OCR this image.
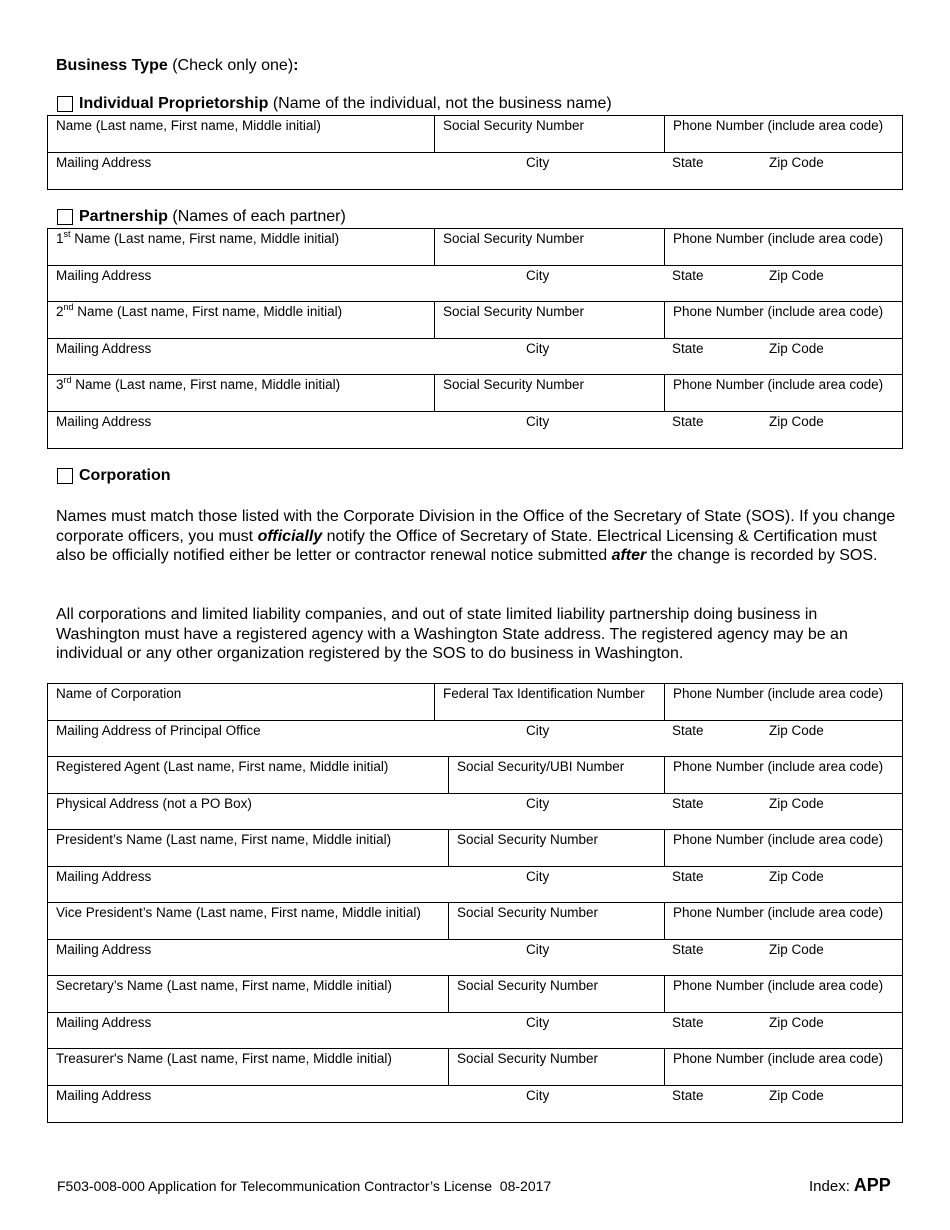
Business Type (Check only one):
Individual Proprietorship
(Name of the individual, not the business name)
Name (Last name, First name, Middle initial)	Social Security Number	Phone Number (include area code)
Mailing Address	City	State	Zip Code
Partnership
(Names of each partner)
1st Name (Last name, First name, Middle initial)	Social Security Number	Phone Number (include area code)
Mailing Address	City	State	Zip Code
2nd Name (Last name, First name, Middle initial)	Social Security Number	Phone Number (include area code)
Mailing Address	City	State	Zip Code
3rd Name (Last name, First name, Middle initial)	Social Security Number	Phone Number (include area code)
Mailing Address	City	State	Zip Code
Corporation
Names must match those listed with the Corporate Division in the Office of the Secretary of State (SOS). If you change corporate officers, you must officially notify the Office of Secretary of State. Electrical Licensing & Certification must also be officially notified either be letter or contractor renewal notice submitted after the change is recorded by SOS.
All corporations and limited liability companies, and out of state limited liability partnership doing business in Washington must have a registered agency with a Washington State address. The registered agency may be an individual or any other organization registered by the SOS to do business in Washington.
Name of Corporation	Federal Tax Identification Number	Phone Number (include area code)
Mailing Address of Principal Office	City	State	Zip Code
Registered Agent (Last name, First name, Middle initial)	Social Security/UBI Number	Phone Number (include area code)
Physical Address (not a PO Box)	City	State	Zip Code
President’s Name (Last name, First name, Middle initial)	Social Security Number	Phone Number (include area code)
Mailing Address	City	State	Zip Code
Vice President’s Name (Last name, First name, Middle initial)	Social Security Number	Phone Number (include area code)
Mailing Address	City	State	Zip Code
Secretary’s Name (Last name, First name, Middle initial)	Social Security Number	Phone Number (include area code)
Mailing Address	City	State	Zip Code
Treasurer's Name (Last name, First name, Middle initial)	Social Security Number	Phone Number (include area code)
Mailing Address	City	State	Zip Code
F503-008-000 Application for Telecommunication Contractor’s License  08-2017	Index:
APP
